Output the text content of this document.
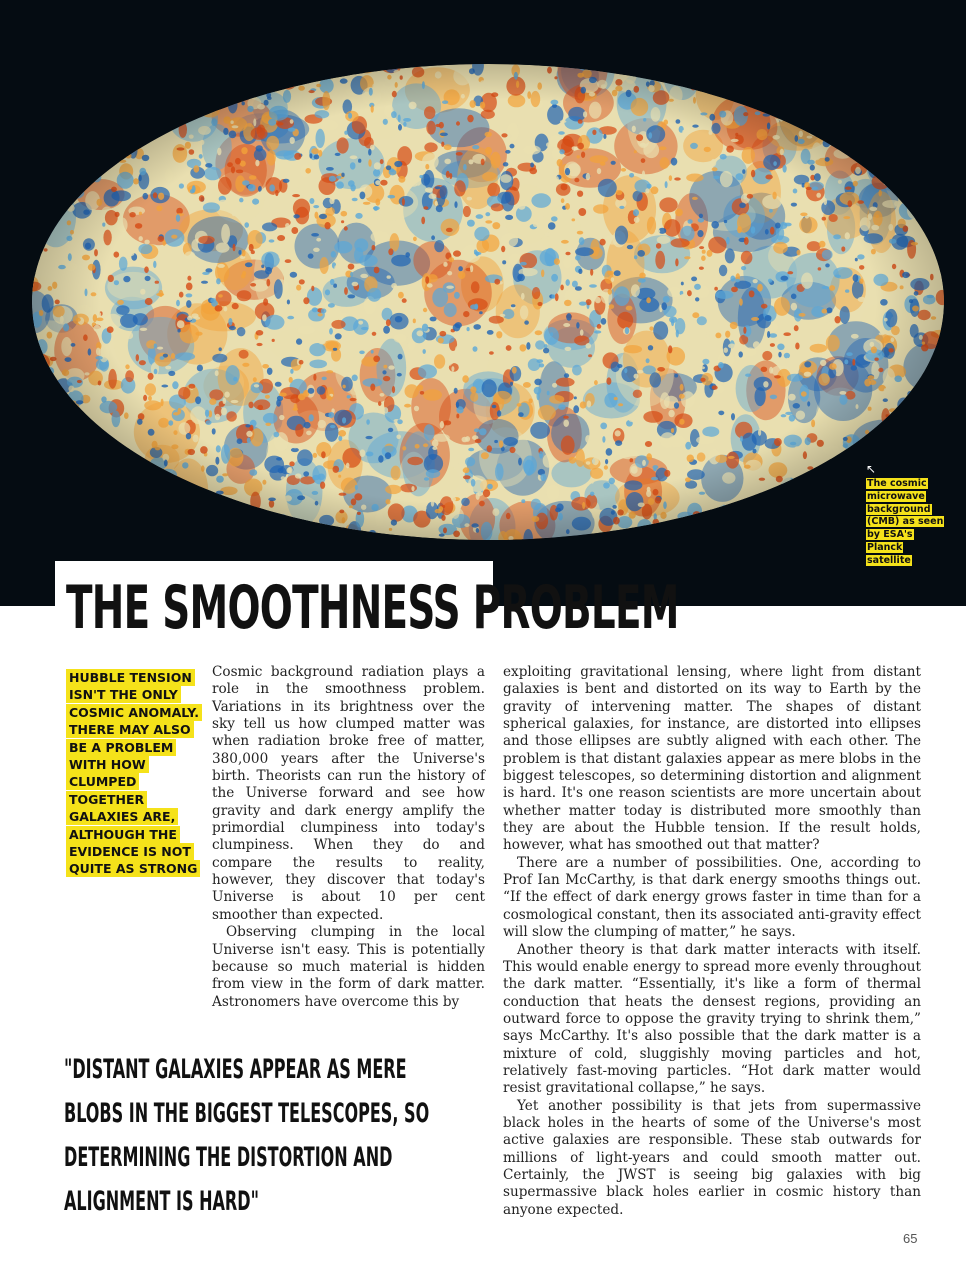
↖
The cosmic microwave background (CMB) as seen by ESA's Planck satellite
THE SMOOTHNESS PROBLEM
HUBBLE TENSION ISN'T THE ONLY COSMIC ANOMALY. THERE MAY ALSO BE A PROBLEM WITH HOW CLUMPED TOGETHER GALAXIES ARE, ALTHOUGH THE EVIDENCE IS NOT QUITE AS STRONG

Cosmic background radiation plays a role in the smoothness problem. Variations in its brightness over the sky tell us how clumped matter was when radiation broke free of matter, 380,000 years after the Universe's birth. Theorists can run the history of the Universe forward and see how gravity and dark energy amplify the primordial clumpiness into today's clumpiness. When they do and compare the results to reality, however, they discover that today's Universe is about 10 per cent smoother than expected.

Observing clumping in the local Universe isn't easy. This is potentially because so much material is hidden from view in the form of dark matter. Astronomers have overcome this by

exploiting gravitational lensing, where light from distant galaxies is bent and distorted on its way to Earth by the gravity of intervening matter. The shapes of distant spherical galaxies, for instance, are distorted into ellipses and those ellipses are subtly aligned with each other. The problem is that distant galaxies appear as mere blobs in the biggest telescopes, so determining distortion and alignment is hard. It's one reason scientists are more uncertain about whether matter today is distributed more smoothly than they are about the Hubble tension. If the result holds, however, what has smoothed out that matter?

There are a number of possibilities. One, according to Prof Ian McCarthy, is that dark energy smooths things out. “If the effect of dark energy grows faster in time than for a cosmological constant, then its associated anti-gravity effect will slow the clumping of matter,” he says.

Another theory is that dark matter interacts with itself. This would enable energy to spread more evenly throughout the dark matter. “Essentially, it's like a form of thermal conduction that heats the densest regions, providing an outward force to oppose the gravity trying to shrink them,” says McCarthy. It's also possible that the dark matter is a mixture of cold, sluggishly moving particles and hot, relatively fast-moving particles. “Hot dark matter would resist gravitational collapse,” he says.

Yet another possibility is that jets from supermassive black holes in the hearts of some of the Universe's most active galaxies are responsible. These stab outwards for millions of light-years and could smooth matter out. Certainly, the JWST is seeing big galaxies with big supermassive black holes earlier in cosmic history than anyone expected.

"DISTANT GALAXIES APPEAR AS MERE BLOBS IN THE BIGGEST TELESCOPES, SO DETERMINING THE DISTORTION AND ALIGNMENT IS HARD"

65
